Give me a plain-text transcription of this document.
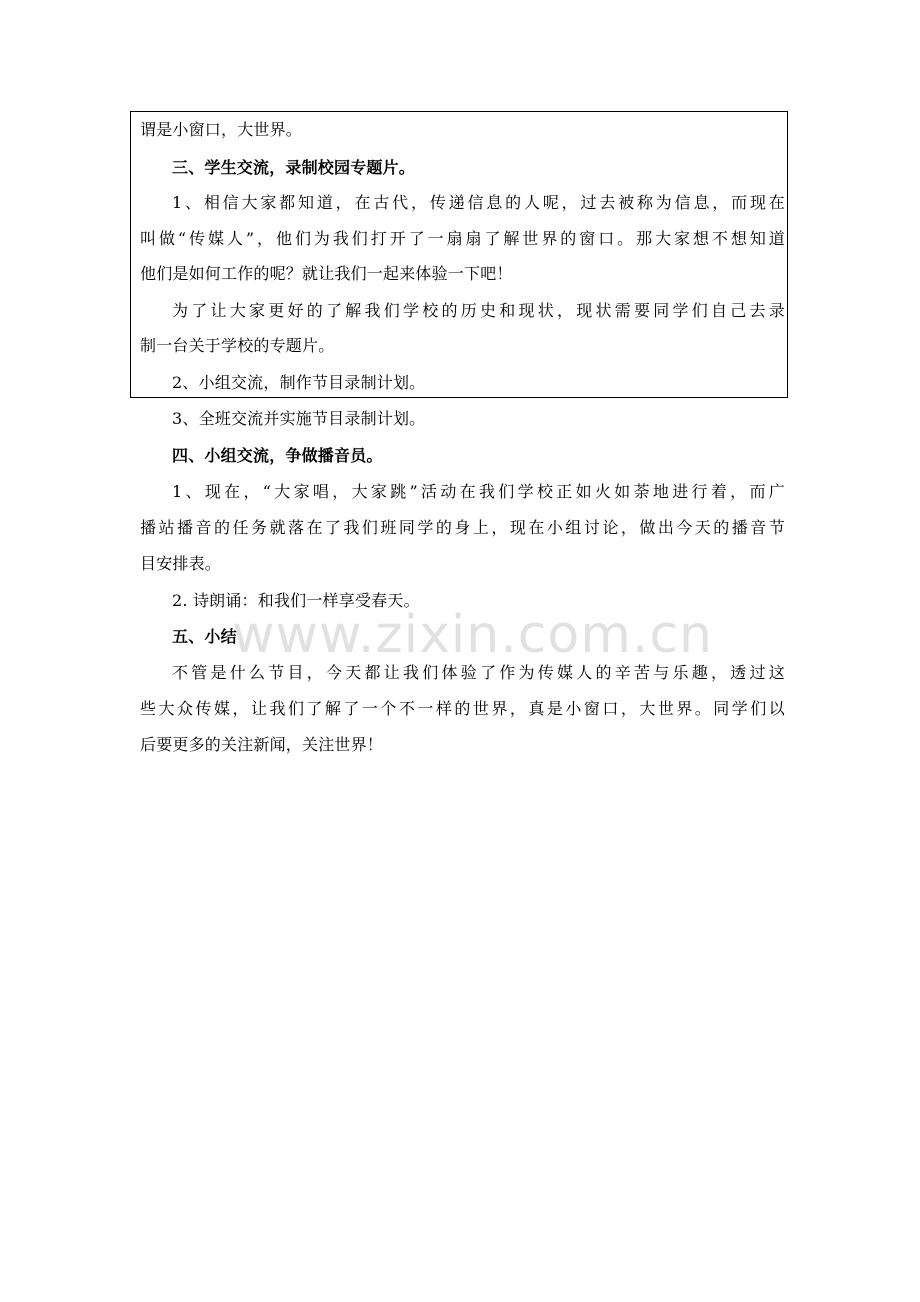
谓是小窗口，大世界。
三、学生交流，录制校园专题片。
1、相信大家都知道，在古代，传递信息的人呢，过去被称为信息，而现在
叫做“传媒人”，他们为我们打开了一扇扇了解世界的窗口。那大家想不想知道
他们是如何工作的呢？就让我们一起来体验一下吧！
为了让大家更好的了解我们学校的历史和现状，现状需要同学们自己去录
制一台关于学校的专题片。
2、小组交流，制作节目录制计划。
3、全班交流并实施节目录制计划。
四、小组交流，争做播音员。
1、现在，“大家唱，大家跳”活动在我们学校正如火如荼地进行着，而广
播站播音的任务就落在了我们班同学的身上，现在小组讨论，做出今天的播音节
目安排表。
2. 诗朗诵：和我们一样享受春天。
五、小结
不管是什么节目，今天都让我们体验了作为传媒人的辛苦与乐趣，透过这
些大众传媒，让我们了解了一个不一样的世界，真是小窗口，大世界。同学们以
后要更多的关注新闻，关注世界！
www.zixin.com.cn
